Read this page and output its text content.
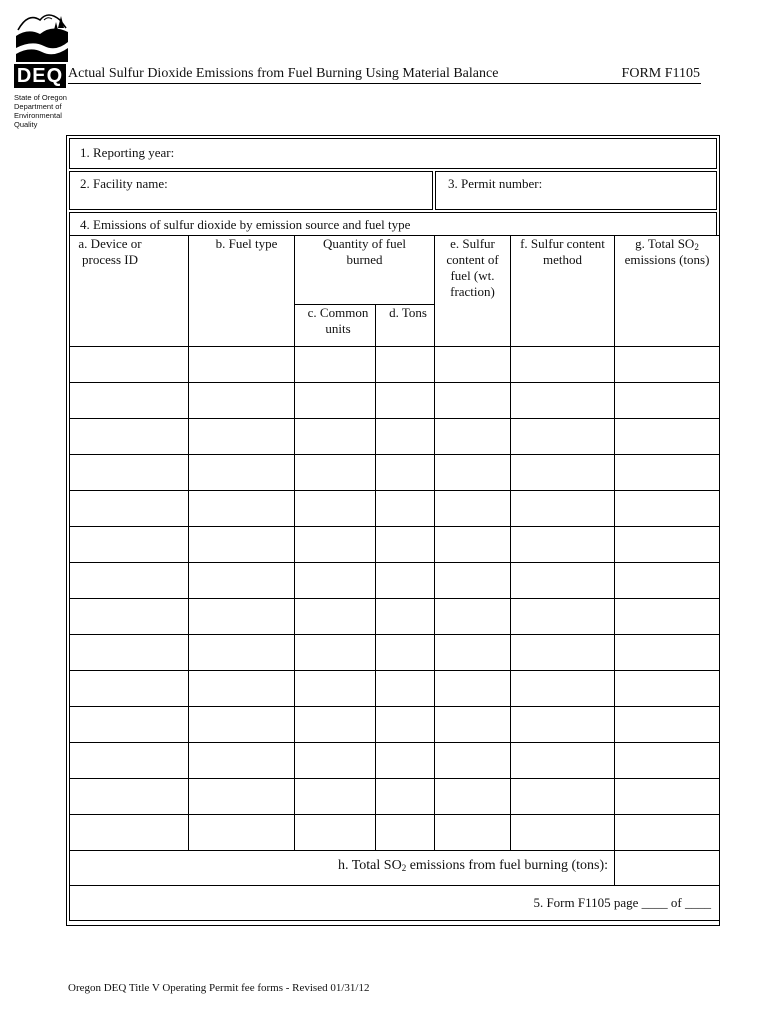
DEQ
State of Oregon
Department of
Environmental
Quality
Actual Sulfur Dioxide Emissions from Fuel Burning Using Material Balance	FORM F1105
1. Reporting year:
2. Facility name:	3. Permit number:
4. Emissions of sulfur dioxide by emission source and fuel type
a. Device or process ID	b. Fuel type	Quantity of fuel burned		e. Sulfur content of fuel (wt. fraction)	f. Sulfur content method	g. Total $SO_2$ emissions (tons)

		c. Common units	d. Tons			

h. Total $SO_2$ emissions from fuel burning (tons):						
5. Form F1105 page ____ of ____						
Oregon DEQ Title V Operating Permit fee forms - Revised 01/31/12
